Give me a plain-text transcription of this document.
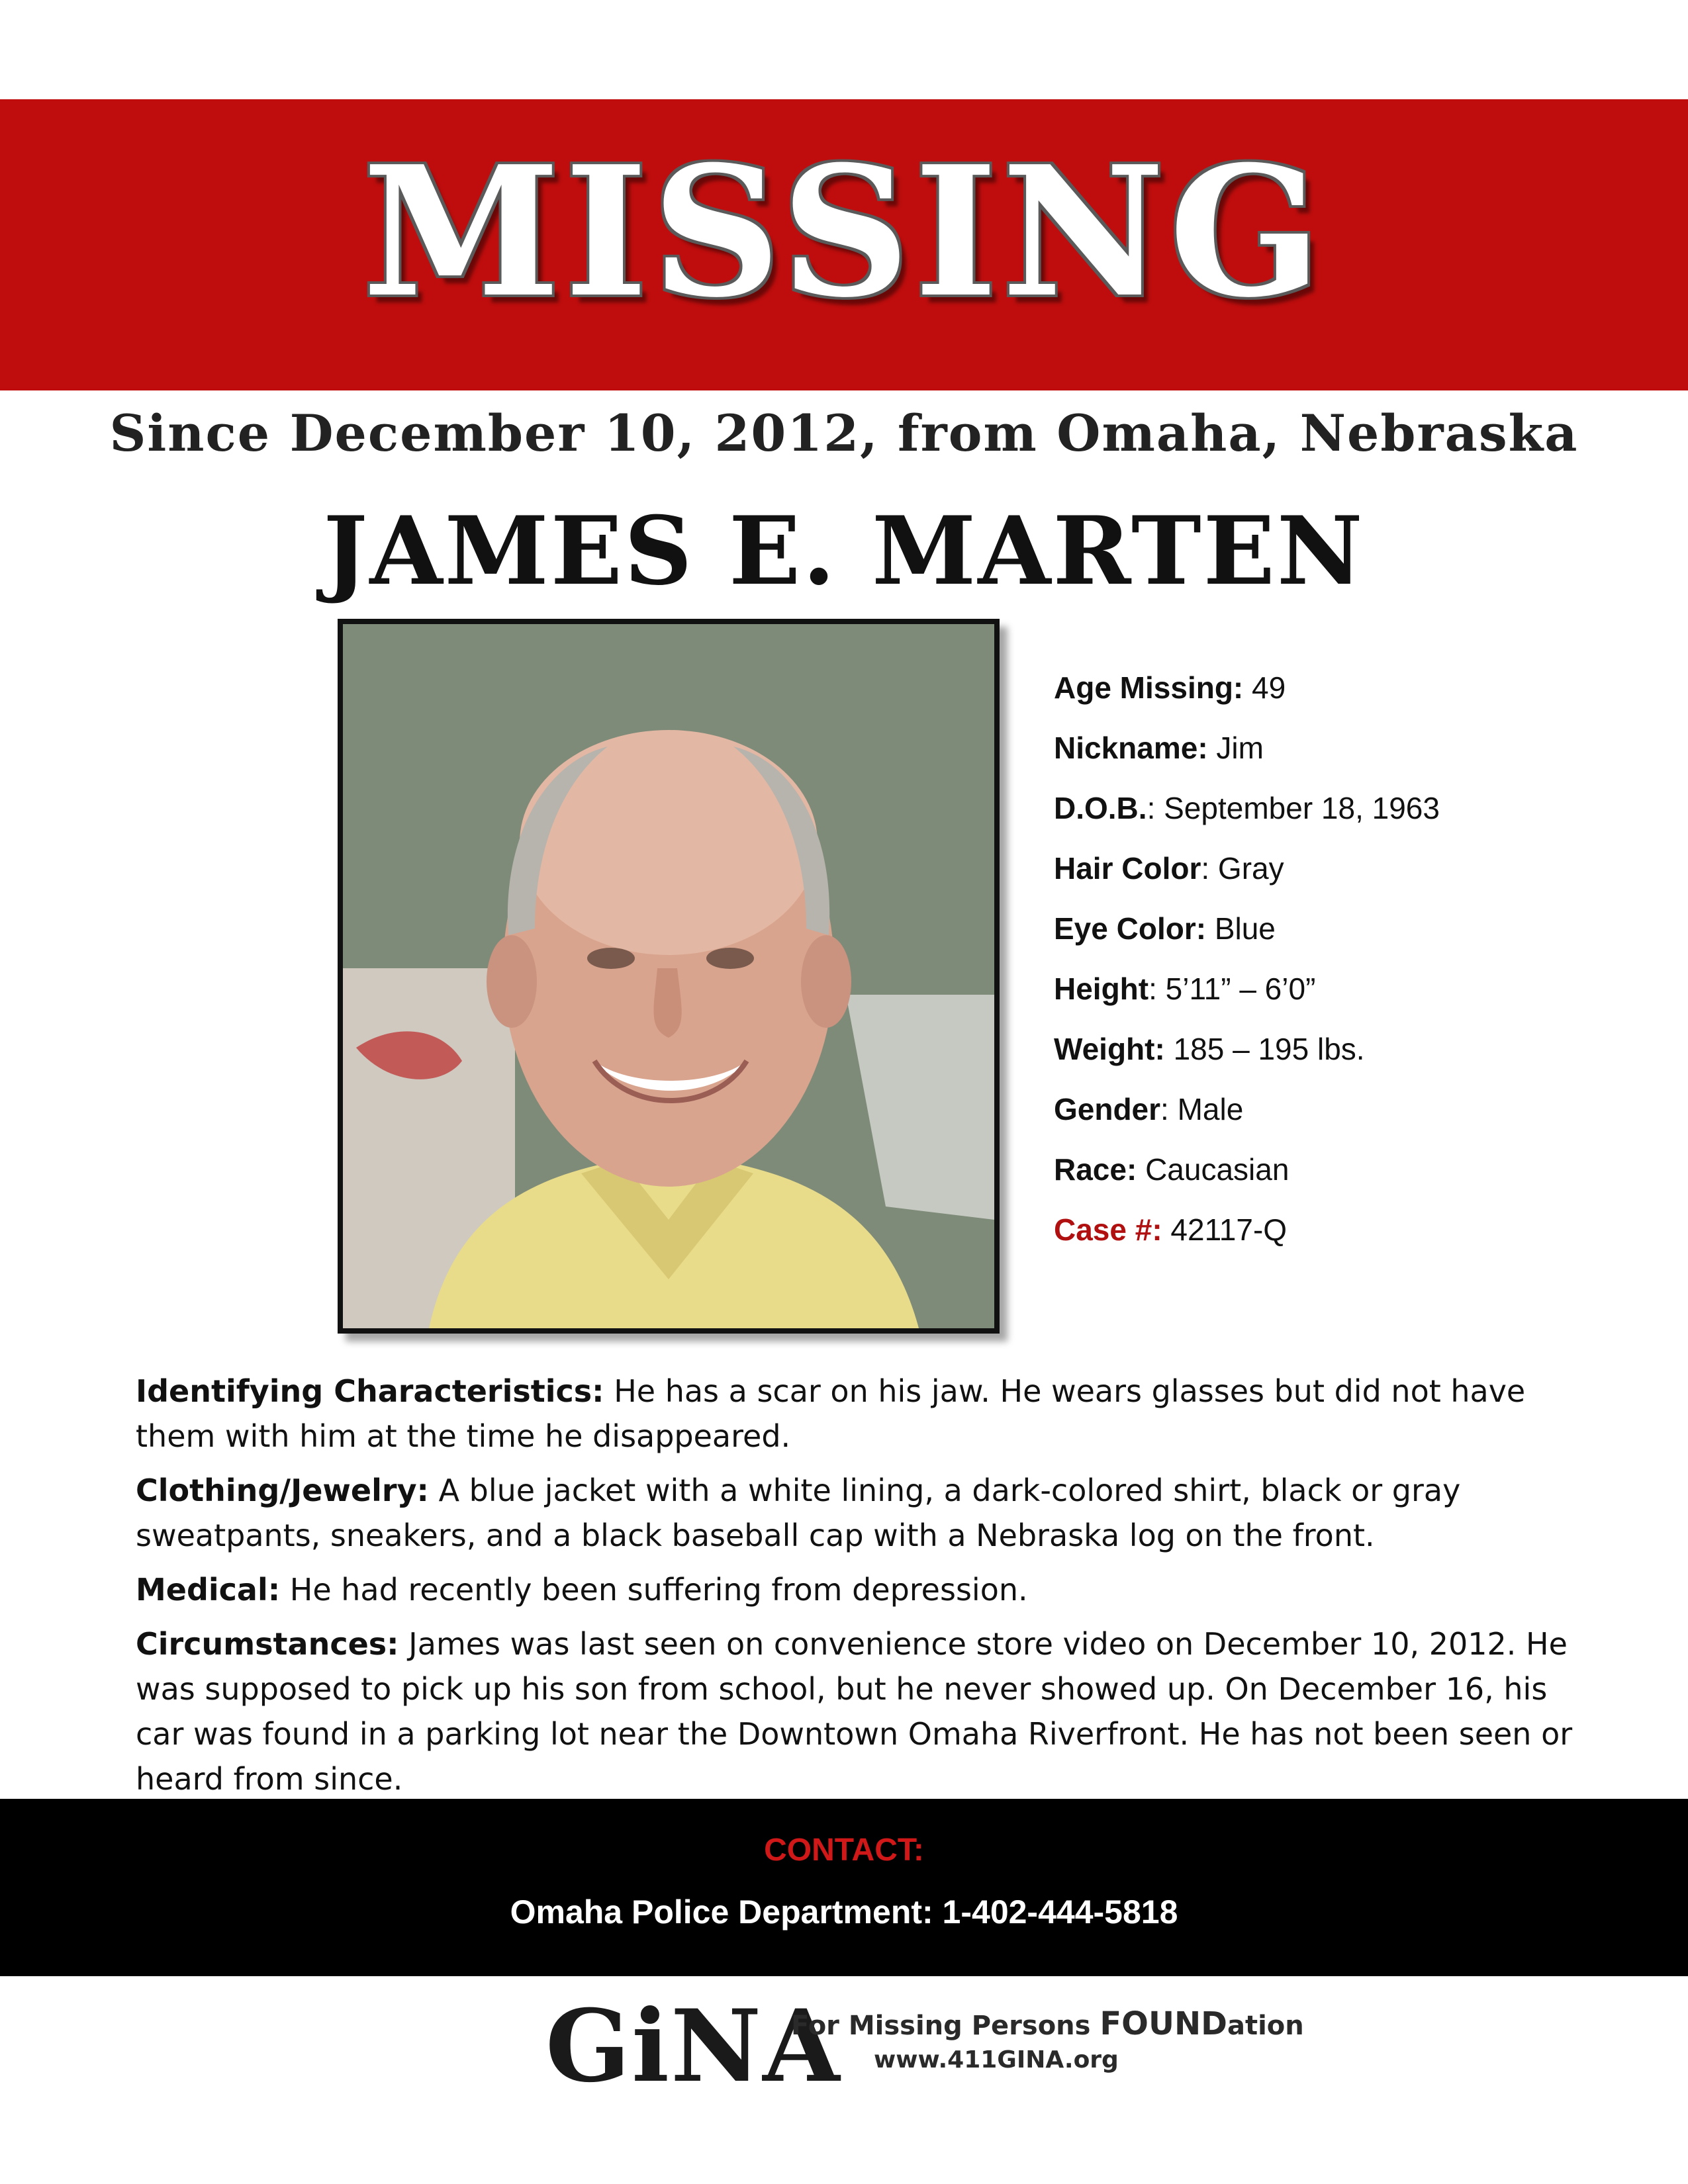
MISSING
Since December 10, 2012, from Omaha, Nebraska
JAMES E. MARTEN
Age Missing: 49
Nickname: Jim
D.O.B.: September 18, 1963
Hair Color: Gray
Eye Color: Blue
Height: 5’11” – 6’0”
Weight: 185 – 195 lbs.
Gender: Male
Race: Caucasian
Case #: 42117-Q

Identifying Characteristics: He has a scar on his jaw. He wears glasses but did not have them with him at the time he disappeared.

Clothing/Jewelry: A blue jacket with a white lining, a dark-colored shirt, black or gray sweatpants, sneakers, and a black baseball cap with a Nebraska log on the front.

Medical: He had recently been suffering from depression.

Circumstances: James was last seen on convenience store video on December 10, 2012. He was supposed to pick up his son from school, but he never showed up. On December 16, his car was found in a parking lot near the Downtown Omaha Riverfront. He has not been seen or heard from since.

CONTACT:
Omaha Police Department: 1-402-444-5818
GiNA
For Missing Persons FOUNDation
www.411GINA.org
